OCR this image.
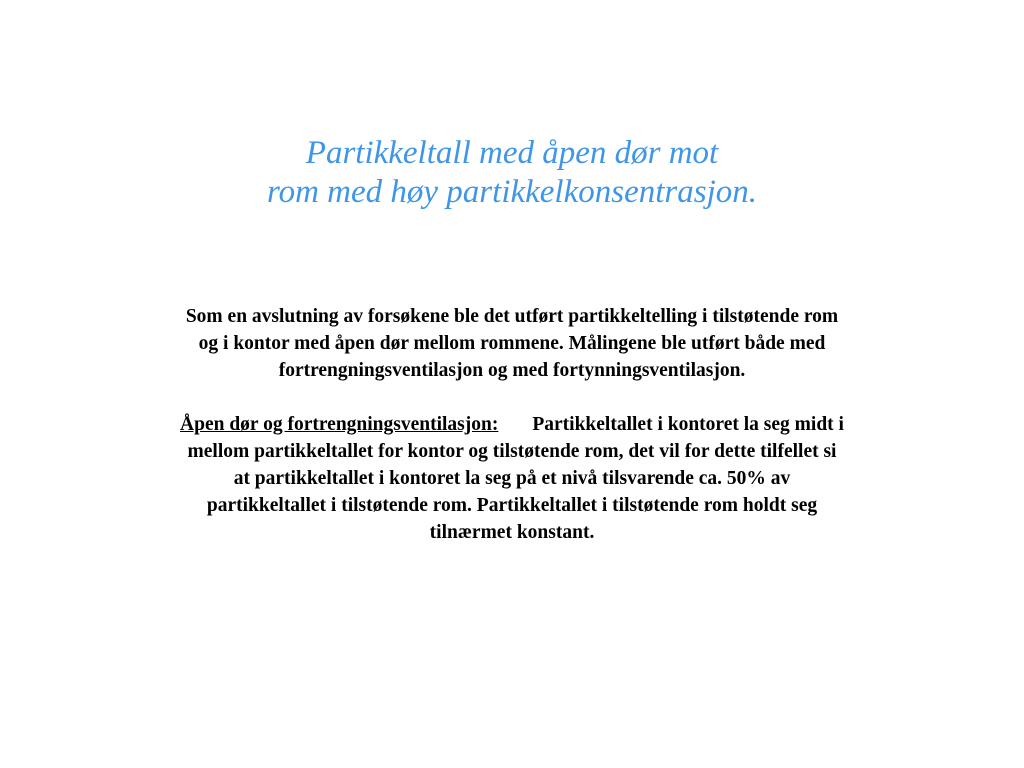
Partikkeltall med åpen dør mot
rom med høy partikkelkonsentrasjon.

Som en avslutning av forsøkene ble det utført partikkeltelling i tilstøtende rom og i kontor med åpen dør mellom rommene. Målingene ble utført både med fortrengningsventilasjon og med fortynningsventilasjon.

Åpen dør og fortrengningsventilasjon: Partikkeltallet i kontoret la seg midt i mellom partikkeltallet for kontor og tilstøtende rom, det vil for dette tilfellet si at partikkeltallet i kontoret la seg på et nivå tilsvarende ca. 50% av partikkeltallet i tilstøtende rom. Partikkeltallet i tilstøtende rom holdt seg tilnærmet konstant.
